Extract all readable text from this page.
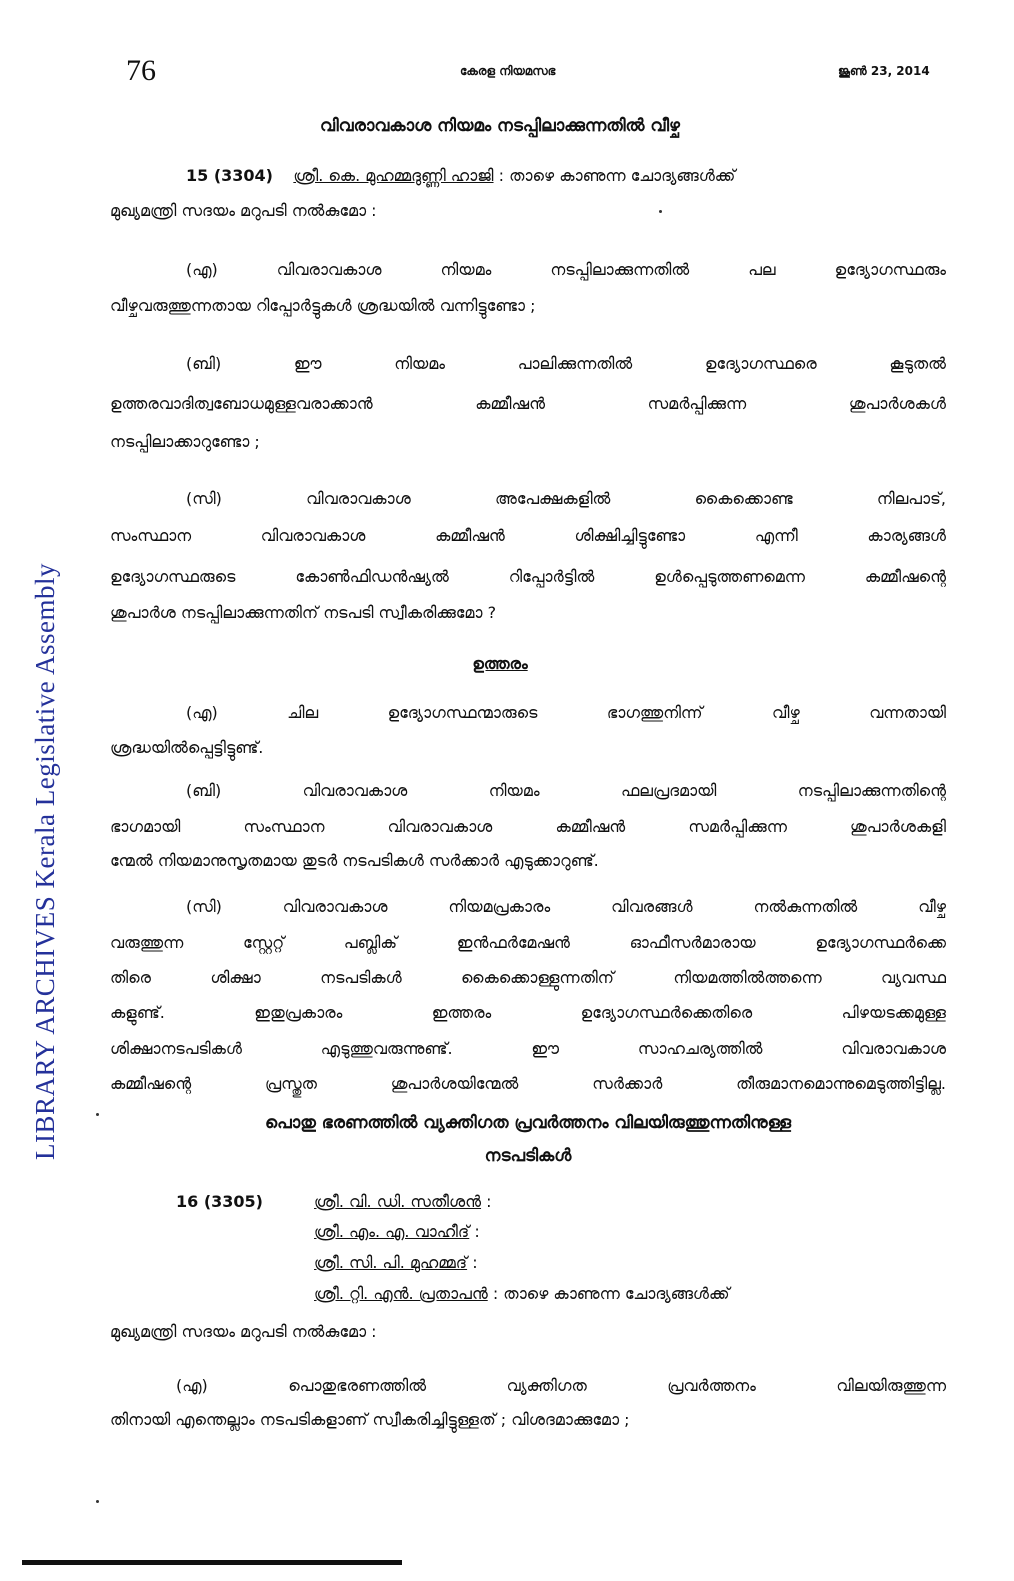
LIBRARY ARCHIVES Kerala Legislative Assembly
76	കേരള നിയമസഭ	ജൂൺ 23, 2014
വിവരാവകാശ നിയമം നടപ്പിലാക്കുന്നതിൽ വീഴ്ച
15 (3304) ശ്രീ. കെ. മുഹമ്മദുണ്ണി ഹാജി : താഴെ കാണുന്ന ചോദ്യങ്ങൾക്ക്
മുഖ്യമന്ത്രി സദയം മറുപടി നൽകുമോ :
(എ) വിവരാവകാശ നിയമം നടപ്പിലാക്കുന്നതിൽ പല ഉദ്യോഗസ്ഥരും
വീഴ്ചവരുത്തുന്നതായ റിപ്പോർട്ടുകൾ ശ്രദ്ധയിൽ വന്നിട്ടുണ്ടോ ;
(ബി) ഈ നിയമം പാലിക്കുന്നതിൽ ഉദ്യോഗസ്ഥരെ കൂടുതൽ
ഉത്തരവാദിത്വബോധമുള്ളവരാക്കാൻ കമ്മീഷൻ സമർപ്പിക്കുന്ന ശുപാർശകൾ
നടപ്പിലാക്കാറുണ്ടോ ;
(സി) വിവരാവകാശ അപേക്ഷകളിൽ കൈക്കൊണ്ട നിലപാട്,
സംസ്ഥാന വിവരാവകാശ കമ്മീഷൻ ശിക്ഷിച്ചിട്ടുണ്ടോ എന്നീ കാര്യങ്ങൾ
ഉദ്യോഗസ്ഥരുടെ കോൺഫിഡൻഷ്യൽ റിപ്പോർട്ടിൽ ഉൾപ്പെടുത്തണമെന്ന കമ്മീഷന്റെ
ശുപാർശ നടപ്പിലാക്കുന്നതിന് നടപടി സ്വീകരിക്കുമോ ?
ഉത്തരം
(എ) ചില ഉദ്യോഗസ്ഥന്മാരുടെ ഭാഗത്തുനിന്ന് വീഴ്ച വന്നതായി
ശ്രദ്ധയിൽപ്പെട്ടിട്ടുണ്ട്.
(ബി) വിവരാവകാശ നിയമം ഫലപ്രദമായി നടപ്പിലാക്കുന്നതിന്റെ
ഭാഗമായി സംസ്ഥാന വിവരാവകാശ കമ്മീഷൻ സമർപ്പിക്കുന്ന ശുപാർശകളി
ന്മേൽ നിയമാനുസൃതമായ തുടർ നടപടികൾ സർക്കാർ എടുക്കാറുണ്ട്.
(സി) വിവരാവകാശ നിയമപ്രകാരം വിവരങ്ങൾ നൽകുന്നതിൽ വീഴ്ച
വരുത്തുന്ന സ്റ്റേറ്റ് പബ്ലിക് ഇൻഫർമേഷൻ ഓഫീസർമാരായ ഉദ്യോഗസ്ഥർക്കെ
തിരെ ശിക്ഷാ നടപടികൾ കൈക്കൊള്ളുന്നതിന് നിയമത്തിൽത്തന്നെ വ്യവസ്ഥ
കളുണ്ട്. ഇതുപ്രകാരം ഇത്തരം ഉദ്യോഗസ്ഥർക്കെതിരെ പിഴയടക്കമുള്ള
ശിക്ഷാനടപടികൾ എടുത്തുവരുന്നുണ്ട്. ഈ സാഹചര്യത്തിൽ വിവരാവകാശ
കമ്മീഷന്റെ പ്രസ്തുത ശുപാർശയിന്മേൽ സർക്കാർ തീരുമാനമൊന്നുമെടുത്തിട്ടില്ല.
പൊതു ഭരണത്തിൽ വ്യക്തിഗത പ്രവർത്തനം വിലയിരുത്തുന്നതിനുള്ള
നടപടികൾ
16 (3305)	ശ്രീ. വി. ഡി. സതീശൻ :
ശ്രീ. എം. എ. വാഹീദ് :
ശ്രീ. സി. പി. മുഹമ്മദ് :
ശ്രീ. റ്റി. എൻ. പ്രതാപൻ : താഴെ കാണുന്ന ചോദ്യങ്ങൾക്ക്
മുഖ്യമന്ത്രി സദയം മറുപടി നൽകുമോ :
(എ) പൊതുഭരണത്തിൽ വ്യക്തിഗത പ്രവർത്തനം വിലയിരുത്തുന്ന
തിനായി എന്തെല്ലാം നടപടികളാണ് സ്വീകരിച്ചിട്ടുള്ളത് ; വിശദമാക്കുമോ ;
